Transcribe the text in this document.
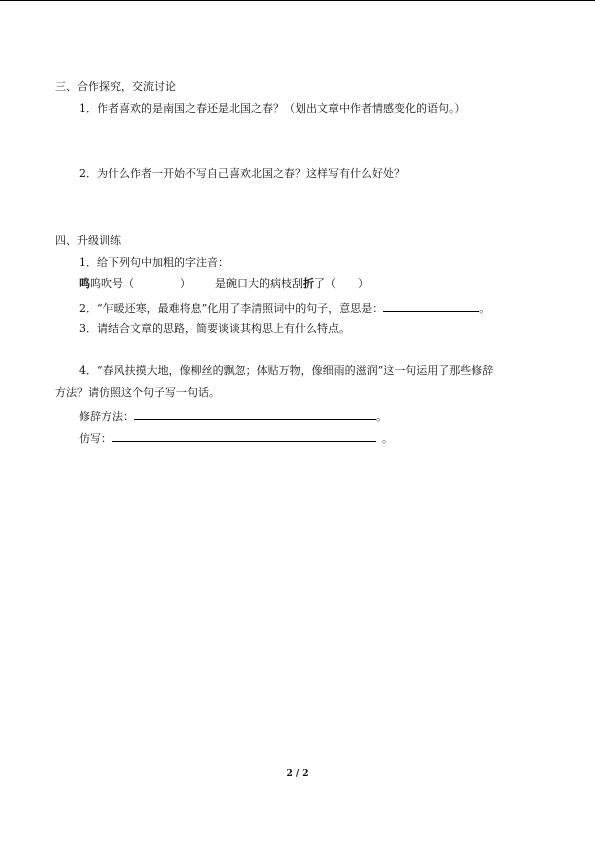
三、合作探究，交流讨论
1．作者喜欢的是南国之春还是北国之春？（划出文章中作者情感变化的语句。）
2．为什么作者一开始不写自己喜欢北国之春？这样写有什么好处？
四、升级训练
1．给下列句中加粗的字注音：
鸣呜吹号（	） 是碗口大的病枝刮折了（ ）
2．“乍暖还寒，最难将息”化用了李清照词中的句子，意思是：	。
3．请结合文章的思路，简要谈谈其构思上有什么特点。
4．“春风扶摸大地，像柳丝的飘忽；体贴万物，像细雨的滋润”这一句运用了那些修辞
方法？请仿照这个句子写一句话。
修辞方法：	。
仿写：	。
2 / 2
